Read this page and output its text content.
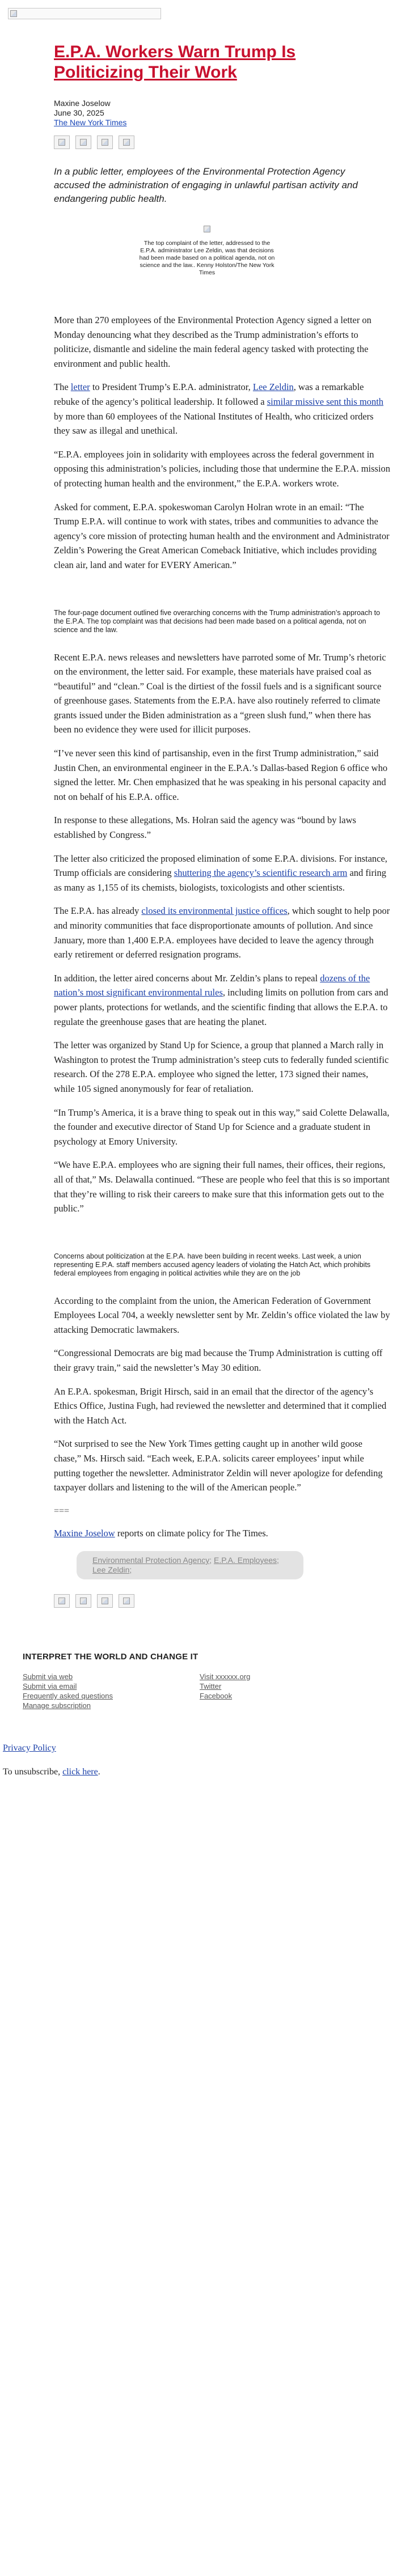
E.P.A. Workers Warn Trump Is Politicizing Their Work
Maxine Joselow
June 30, 2025
The New York Times
In a public letter, employees of the Environmental Protection Agency accused the administration of engaging in unlawful partisan activity and endangering public health.
The top complaint of the letter, addressed to the E.P.A. administrator Lee Zeldin, was that decisions had been made based on a political agenda, not on science and the law.. Kenny Holston/The New York Times

More than 270 employees of the Environmental Protection Agency signed a letter on Monday denouncing what they described as the Trump administration’s efforts to politicize, dismantle and sideline the main federal agency tasked with protecting the environment and public health.

The letter to President Trump’s E.P.A. administrator, Lee Zeldin, was a remarkable rebuke of the agency’s political leadership. It followed a similar missive sent this month by more than 60 employees of the National Institutes of Health, who criticized orders they saw as illegal and unethical.

“E.P.A. employees join in solidarity with employees across the federal government in opposing this administration’s policies, including those that undermine the E.P.A. mission of protecting human health and the environment,” the E.P.A. workers wrote.

Asked for comment, E.P.A. spokeswoman Carolyn Holran wrote in an email: “The Trump E.P.A. will continue to work with states, tribes and communities to advance the agency’s core mission of protecting human health and the environment and Administrator Zeldin’s Powering the Great American Comeback Initiative, which includes providing clean air, land and water for EVERY American.”

The four-page document outlined five overarching concerns with the Trump administration’s approach to the E.P.A. The top complaint was that decisions had been made based on a political agenda, not on science and the law.

Recent E.P.A. news releases and newsletters have parroted some of Mr. Trump’s rhetoric on the environment, the letter said. For example, these materials have praised coal as “beautiful” and “clean.” Coal is the dirtiest of the fossil fuels and is a significant source of greenhouse gases. Statements from the E.P.A. have also routinely referred to climate grants issued under the Biden administration as a “green slush fund,” when there has been no evidence they were used for illicit purposes.

“I’ve never seen this kind of partisanship, even in the first Trump administration,” said Justin Chen, an environmental engineer in the E.P.A.’s Dallas-based Region 6 office who signed the letter. Mr. Chen emphasized that he was speaking in his personal capacity and not on behalf of his E.P.A. office.

In response to these allegations, Ms. Holran said the agency was “bound by laws established by Congress.”

The letter also criticized the proposed elimination of some E.P.A. divisions. For instance, Trump officials are considering shuttering the agency’s scientific research arm and firing as many as 1,155 of its chemists, biologists, toxicologists and other scientists.

The E.P.A. has already closed its environmental justice offices, which sought to help poor and minority communities that face disproportionate amounts of pollution. And since January, more than 1,400 E.P.A. employees have decided to leave the agency through early retirement or deferred resignation programs.

In addition, the letter aired concerns about Mr. Zeldin’s plans to repeal dozens of the nation’s most significant environmental rules, including limits on pollution from cars and power plants, protections for wetlands, and the scientific finding that allows the E.P.A. to regulate the greenhouse gases that are heating the planet.

The letter was organized by Stand Up for Science, a group that planned a March rally in Washington to protest the Trump administration’s steep cuts to federally funded scientific research. Of the 278 E.P.A. employee who signed the letter, 173 signed their names, while 105 signed anonymously for fear of retaliation.

“In Trump’s America, it is a brave thing to speak out in this way,” said Colette Delawalla, the founder and executive director of Stand Up for Science and a graduate student in psychology at Emory University.

“We have E.P.A. employees who are signing their full names, their offices, their regions, all of that,” Ms. Delawalla continued. “These are people who feel that this is so important that they’re willing to risk their careers to make sure that this information gets out to the public.”

Concerns about politicization at the E.P.A. have been building in recent weeks. Last week, a union representing E.P.A. staff members accused agency leaders of violating the Hatch Act, which prohibits federal employees from engaging in political activities while they are on the job

According to the complaint from the union, the American Federation of Government Employees Local 704, a weekly newsletter sent by Mr. Zeldin’s office violated the law by attacking Democratic lawmakers.

“Congressional Democrats are big mad because the Trump Administration is cutting off their gravy train,” said the newsletter’s May 30 edition.

An E.P.A. spokesman, Brigit Hirsch, said in an email that the director of the agency’s Ethics Office, Justina Fugh, had reviewed the newsletter and determined that it complied with the Hatch Act.

“Not surprised to see the New York Times getting caught up in another wild goose chase,” Ms. Hirsch said. “Each week, E.P.A. solicits career employees’ input while putting together the newsletter. Administrator Zeldin will never apologize for defending taxpayer dollars and listening to the will of the American people.”

===
Maxine Joselow reports on climate policy for The Times.
Environmental Protection Agency; E.P.A. Employees; Lee Zeldin;
INTERPRET THE WORLD AND CHANGE IT
Submit via web
Submit via email
Frequently asked questions
Manage subscription
Visit xxxxxx.org
Twitter
Facebook
Privacy Policy
To unsubscribe, click here.
